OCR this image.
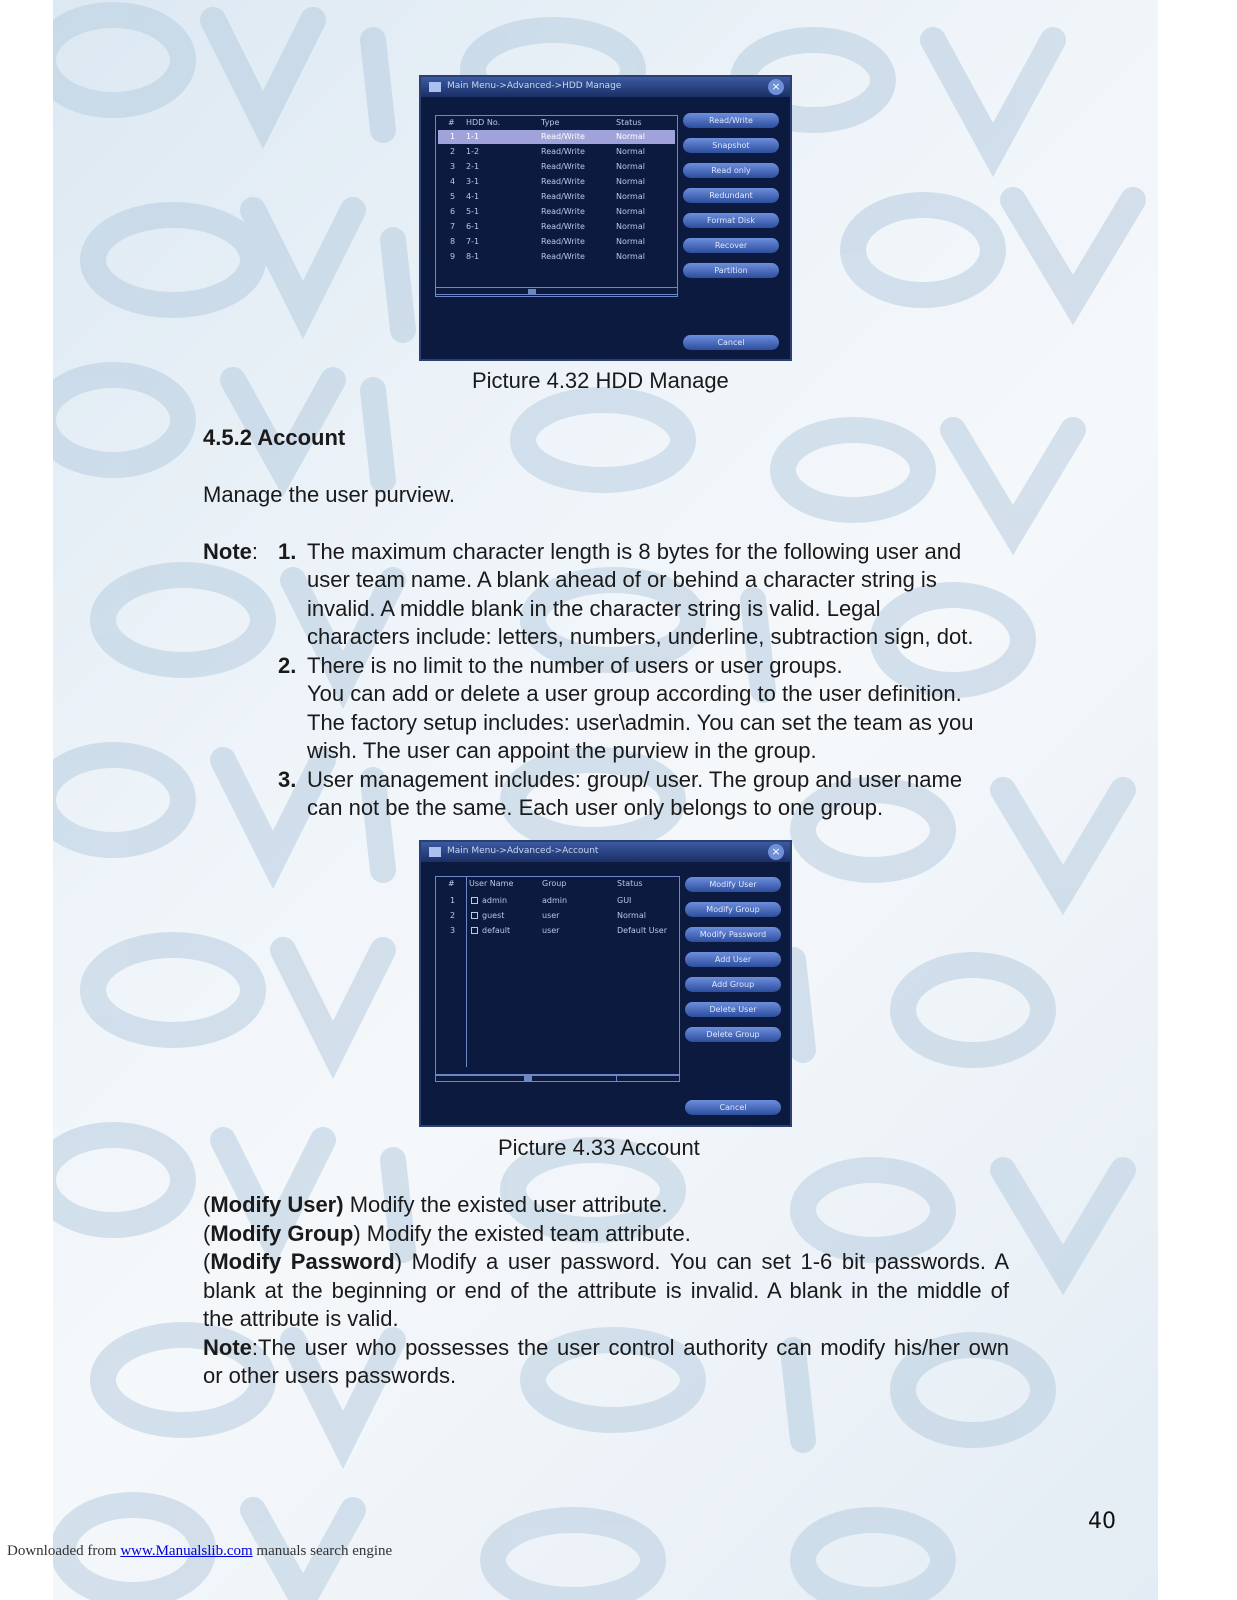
Main Menu->Advanced->HDD Manage	×
# HDD No.	Type	Status
1 1-1	Read/Write	Normal
2 1-2	Read/Write	Normal
3 2-1	Read/Write	Normal
4 3-1	Read/Write	Normal
5 4-1	Read/Write	Normal
6 5-1	Read/Write	Normal
7 6-1	Read/Write	Normal
8 7-1	Read/Write	Normal
9 8-1	Read/Write	Normal
Read/Write
Snapshot
Read only
Redundant
Format Disk
Recover
Partition
Cancel
Picture 4.32 HDD Manage
4.5.2 Account
Manage the user purview.
Note: 1. The maximum character length is 8 bytes for the following user and
user team name. A blank ahead of or behind a character string is
invalid. A middle blank in the character string is valid. Legal
characters include: letters, numbers, underline, subtraction sign, dot.
2. There is no limit to the number of users or user groups.
You can add or delete a user group according to the user definition.
The factory setup includes: user\admin. You can set the team as you
wish. The user can appoint the purview in the group.
3. User management includes: group/ user. The group and user name
can not be the same. Each user only belongs to one group.
Main Menu->Advanced->Account	×
# User Name	Group	Status
1	admin	admin	GUI
2	guest	user	Normal
3	default	user	Default User
Modify User
Modify Group
Modify Password
Add User
Add Group
Delete User
Delete Group
Cancel
Picture 4.33 Account
(Modify User) Modify the existed user attribute.
(Modify Group) Modify the existed team attribute.
(Modify Password) Modify a user password. You can set 1-6 bit passwords. A
blank at the beginning or end of the attribute is invalid. A blank in the middle of
the attribute is valid.
Note:The user who possesses the user control authority can modify his/her own
or other users passwords.
40
Downloaded from www.Manualslib.com manuals search engine
